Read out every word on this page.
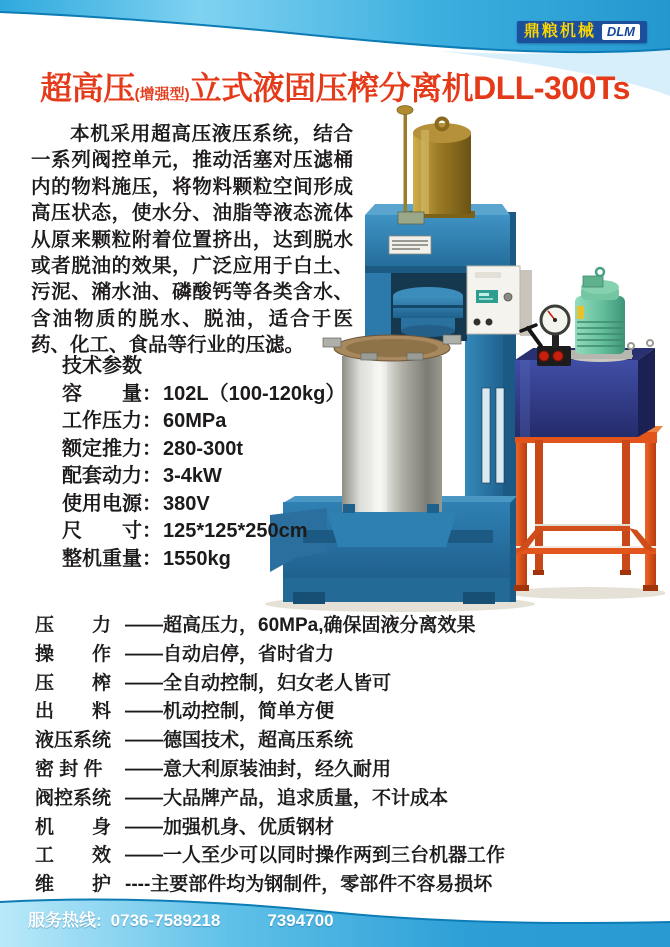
鼎粮机械 DLM
超高压(增强型)立式液固压榨分离机DLL-300Ts
本机采用超高压液压系统，结合一系列阀控单元，推动活塞对压滤桶内的物料施压，将物料颗粒空间形成高压状态，使水分、油脂等液态流体从原来颗粒附着位置挤出，达到脱水或者脱油的效果，广泛应用于白土、污泥、潲水油、磷酸钙等各类含水、含油物质的脱水、脱油，适合于医药、化工、食品等行业的压滤。
技术参数
容　　量：102L（100-120kg）
工作压力：60MPa
额定推力：280-300t
配套动力：3-4kW
使用电源：380V
尺　　寸：125*125*250cm
整机重量：1550kg
压　　力 ——超高压力，60MPa,确保固液分离效果
操　　作 ——自动启停，省时省力
压　　榨 ——全自动控制，妇女老人皆可
出　　料 ——机动控制，简单方便
液压系统 ——德国技术，超高压系统
密 封 件 ——意大利原装油封，经久耐用
阀控系统 ——大品牌产品，追求质量，不计成本
机　　身 ——加强机身、优质钢材
工　　效 ——一人至少可以同时操作两到三台机器工作
维　　护 ----主要部件均为钢制件，零部件不容易损坏
服务热线: 0736-7589218	7394700
